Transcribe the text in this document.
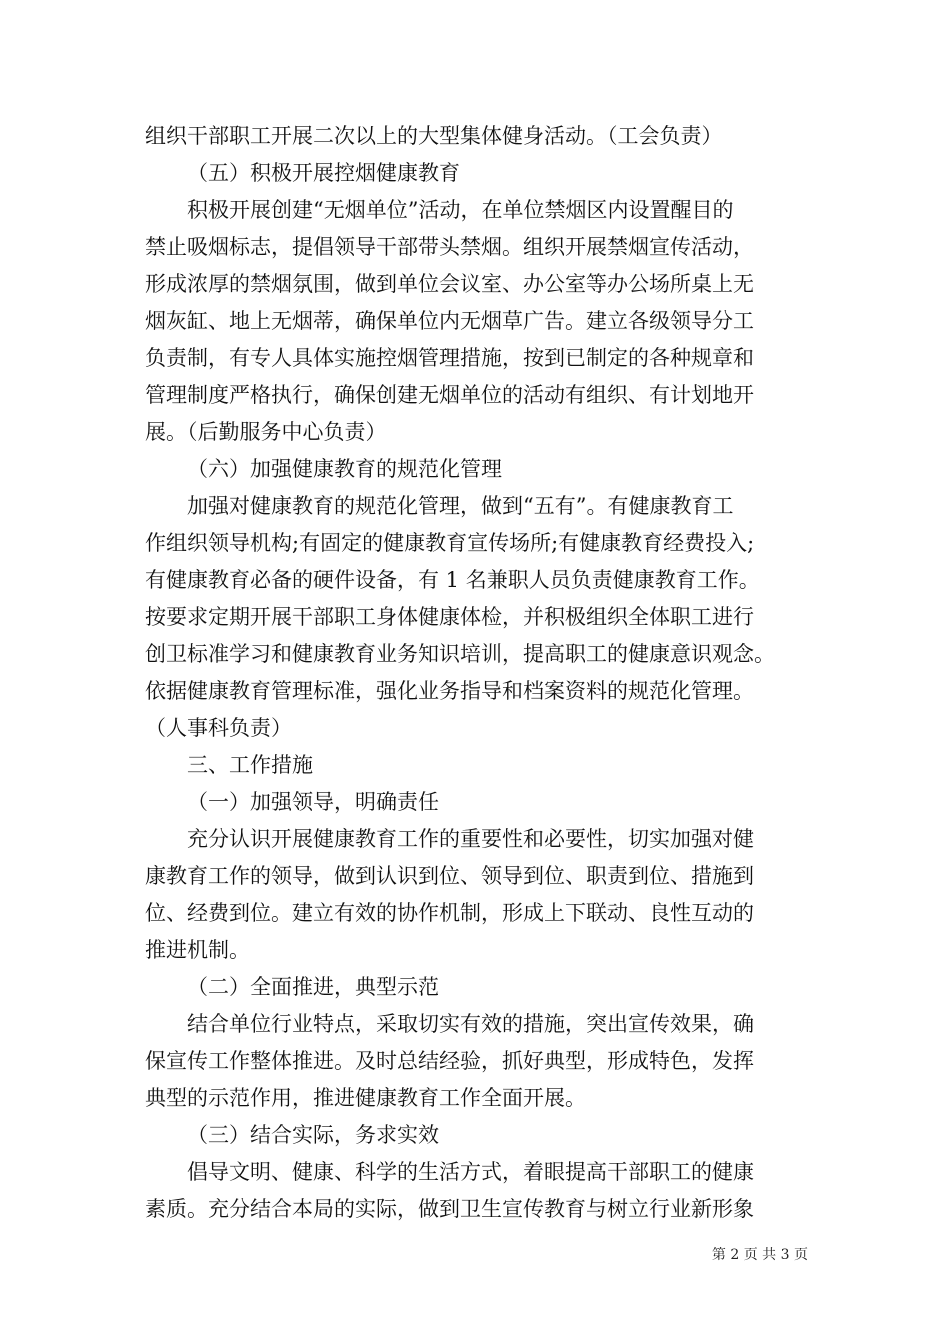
组织干部职工开展二次以上的大型集体健身活动。（工会负责）
（五）积极开展控烟健康教育
积极开展创建“无烟单位”活动，在单位禁烟区内设置醒目的
禁止吸烟标志，提倡领导干部带头禁烟。组织开展禁烟宣传活动，
形成浓厚的禁烟氛围，做到单位会议室、办公室等办公场所桌上无
烟灰缸、地上无烟蒂，确保单位内无烟草广告。建立各级领导分工
负责制，有专人具体实施控烟管理措施，按到已制定的各种规章和
管理制度严格执行，确保创建无烟单位的活动有组织、有计划地开
展。（后勤服务中心负责）
（六）加强健康教育的规范化管理
加强对健康教育的规范化管理，做到“五有”。有健康教育工
作组织领导机构;有固定的健康教育宣传场所;有健康教育经费投入;
有健康教育必备的硬件设备，有 1 名兼职人员负责健康教育工作。
按要求定期开展干部职工身体健康体检，并积极组织全体职工进行
创卫标准学习和健康教育业务知识培训，提高职工的健康意识观念。
依据健康教育管理标准，强化业务指导和档案资料的规范化管理。
（人事科负责）
三、工作措施
（一）加强领导，明确责任
充分认识开展健康教育工作的重要性和必要性，切实加强对健
康教育工作的领导，做到认识到位、领导到位、职责到位、措施到
位、经费到位。建立有效的协作机制，形成上下联动、良性互动的
推进机制。
（二）全面推进，典型示范
结合单位行业特点，采取切实有效的措施，突出宣传效果，确
保宣传工作整体推进。及时总结经验，抓好典型，形成特色，发挥
典型的示范作用，推进健康教育工作全面开展。
（三）结合实际，务求实效
倡导文明、健康、科学的生活方式，着眼提高干部职工的健康
素质。充分结合本局的实际，做到卫生宣传教育与树立行业新形象
第 2 页 共 3 页
